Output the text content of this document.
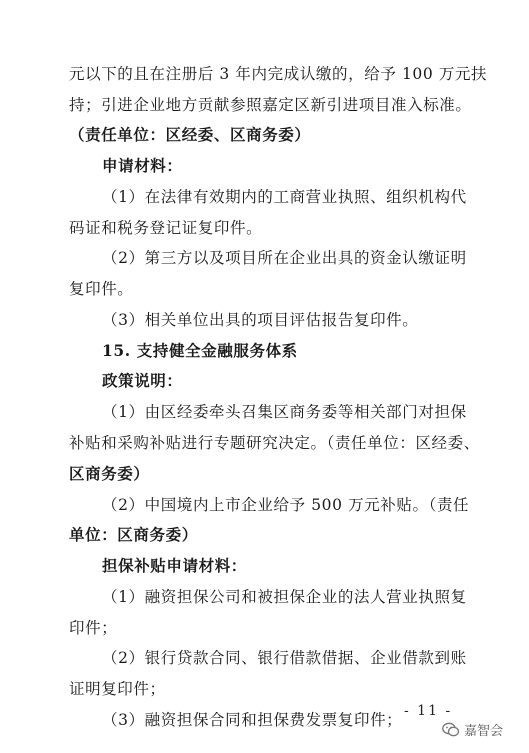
元以下的且在注册后 3 年内完成认缴的，给予 100 万元扶
持；引进企业地方贡献参照嘉定区新引进项目准入标准。
（责任单位：区经委、区商务委）
申请材料：
（1）在法律有效期内的工商营业执照、组织机构代
码证和税务登记证复印件。
（2）第三方以及项目所在企业出具的资金认缴证明
复印件。
（3）相关单位出具的项目评估报告复印件。
15. 支持健全金融服务体系
政策说明：
（1）由区经委牵头召集区商务委等相关部门对担保
补贴和采购补贴进行专题研究决定。（责任单位：区经委、
区商务委）
（2）中国境内上市企业给予 500 万元补贴。（责任
单位：区商务委）
担保补贴申请材料：
（1）融资担保公司和被担保企业的法人营业执照复
印件；
（2）银行贷款合同、银行借款借据、企业借款到账
证明复印件；
（3）融资担保合同和担保费发票复印件； - 11 -
嘉智会
